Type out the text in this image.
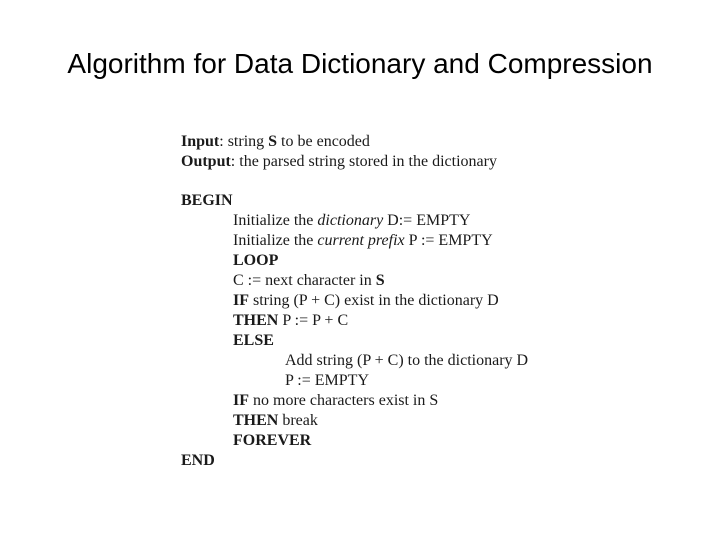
Algorithm for Data Dictionary and Compression
Input: string S to be encoded
Output: the parsed string stored in the dictionary
BEGIN
Initialize the dictionary D:= EMPTY
Initialize the current prefix P := EMPTY
LOOP
C := next character in S
IF string (P + C) exist in the dictionary D
THEN P := P + C
ELSE
Add string (P + C) to the dictionary D
P := EMPTY
IF no more characters exist in S
THEN break
FOREVER
END
